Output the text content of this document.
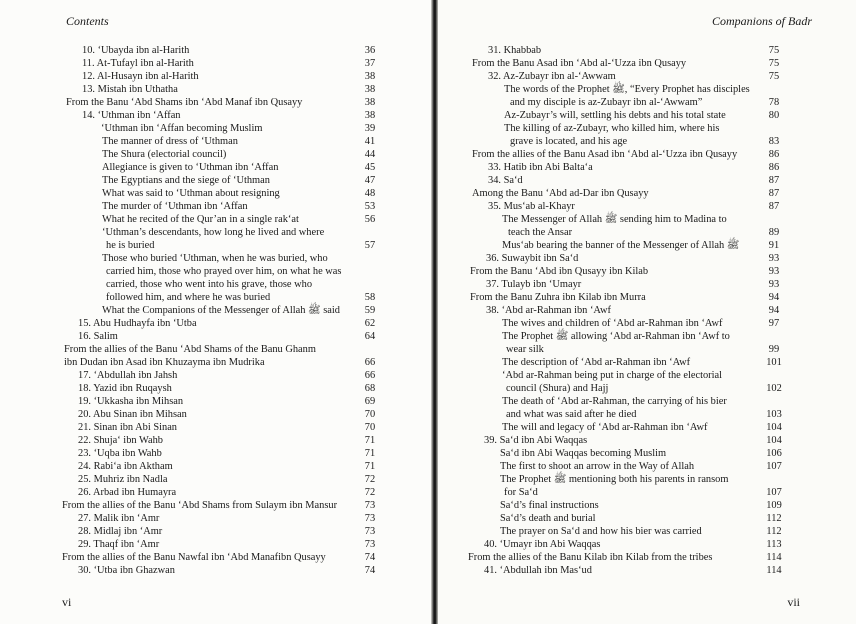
Contents
10. ‘Ubayda ibn al-Harith	36
11. At-Tufayl ibn al-Harith	37
12. Al-Husayn ibn al-Harith	38
13. Mistah ibn Uthatha	38
From the Banu ‘Abd Shams ibn ‘Abd Manaf ibn Qusayy	38
14. ‘Uthman ibn ‘Affan	38
‘Uthman ibn ‘Affan becoming Muslim	39
The manner of dress of ‘Uthman	41
The Shura (electorial council)	44
Allegiance is given to ‘Uthman ibn ‘Affan	45
The Egyptians and the siege of ‘Uthman	47
What was said to ‘Uthman about resigning	48
The murder of ‘Uthman ibn ‘Affan	53
What he recited of the Qur’an in a single rak‘at	56
‘Uthman’s descendants, how long he lived and where
he is buried	57
Those who buried ‘Uthman, when he was buried, who
carried him, those who prayed over him, on what he was
carried, those who went into his grave, those who
followed him, and where he was buried	58
What the Companions of the Messenger of Allah ﷺ said	59
15. Abu Hudhayfa ibn ‘Utba	62
16. Salim	64
From the allies of the Banu ‘Abd Shams of the Banu Ghanm
ibn Dudan ibn Asad ibn Khuzayma ibn Mudrika	66
17. ‘Abdullah ibn Jahsh	66
18. Yazid ibn Ruqaysh	68
19. ‘Ukkasha ibn Mihsan	69
20. Abu Sinan ibn Mihsan	70
21. Sinan ibn Abi Sinan	70
22. Shuja‘ ibn Wahb	71
23. ‘Uqba ibn Wahb	71
24. Rabi‘a ibn Aktham	71
25. Muhriz ibn Nadla	72
26. Arbad ibn Humayra	72
From the allies of the Banu ‘Abd Shams from Sulaym ibn Mansur	73
27. Malik ibn ‘Amr	73
28. Midlaj ibn ‘Amr	73
29. Thaqf ibn ‘Amr	73
From the allies of the Banu Nawfal ibn ‘Abd Manafibn Qusayy	74
30. ‘Utba ibn Ghazwan	74
vi
Companions of Badr
31. Khabbab	75
From the Banu Asad ibn ‘Abd al-‘Uzza ibn Qusayy	75
32. Az-Zubayr ibn al-‘Awwam	75
The words of the Prophet ﷺ, “Every Prophet has disciples
and my disciple is az-Zubayr ibn al-‘Awwam”	78
Az-Zubayr’s will, settling his debts and his total state	80
The killing of az-Zubayr, who killed him, where his
grave is located, and his age	83
From the allies of the Banu Asad ibn ‘Abd al-‘Uzza ibn Qusayy	86
33. Hatib ibn Abi Balta‘a	86
34. Sa‘d	87
Among the Banu ‘Abd ad-Dar ibn Qusayy	87
35. Mus‘ab al-Khayr	87
The Messenger of Allah ﷺ sending him to Madina to
teach the Ansar	89
Mus‘ab bearing the banner of the Messenger of Allah ﷺ	91
36. Suwaybit ibn Sa‘d	93
From the Banu ‘Abd ibn Qusayy ibn Kilab	93
37. Tulayb ibn ‘Umayr	93
From the Banu Zuhra ibn Kilab ibn Murra	94
38. ‘Abd ar-Rahman ibn ‘Awf	94
The wives and children of ‘Abd ar-Rahman ibn ‘Awf	97
The Prophet ﷺ allowing ‘Abd ar-Rahman ibn ‘Awf to
wear silk	99
The description of ‘Abd ar-Rahman ibn ‘Awf	101
‘Abd ar-Rahman being put in charge of the electorial
council (Shura) and Hajj	102
The death of ‘Abd ar-Rahman, the carrying of his bier
and what was said after he died	103
The will and legacy of ‘Abd ar-Rahman ibn ‘Awf	104
39. Sa‘d ibn Abi Waqqas	104
Sa‘d ibn Abi Waqqas becoming Muslim	106
The first to shoot an arrow in the Way of Allah	107
The Prophet ﷺ mentioning both his parents in ransom
for Sa‘d	107
Sa‘d’s final instructions	109
Sa‘d’s death and burial	112
The prayer on Sa‘d and how his bier was carried	112
40. ‘Umayr ibn Abi Waqqas	113
From the allies of the Banu Kilab ibn Kilab from the tribes	114
41. ‘Abdullah ibn Mas‘ud	114
vii
